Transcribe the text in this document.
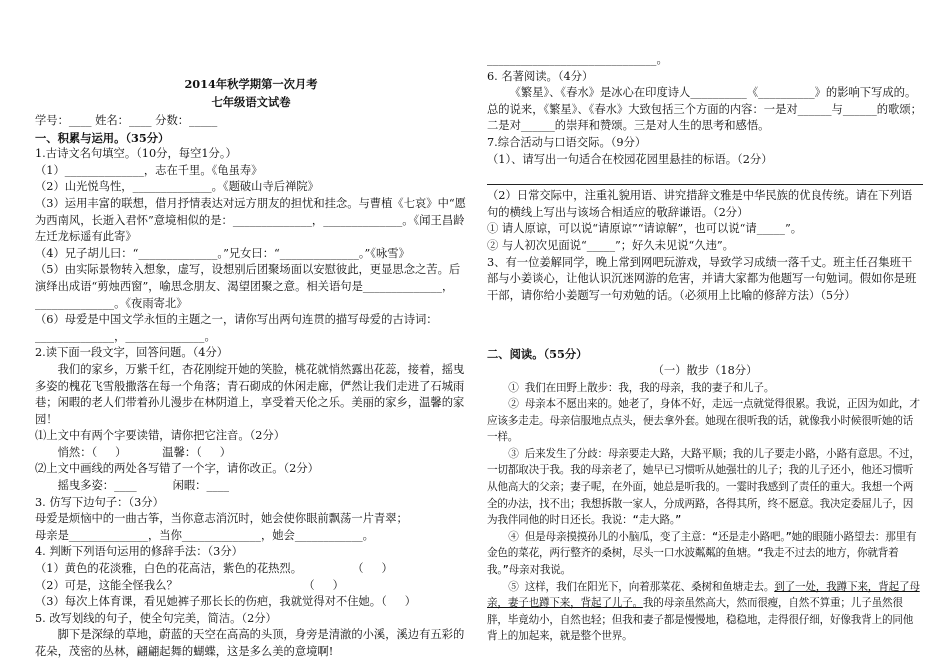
2014年秋学期第一次月考
七年级语文试卷
学号：____ 姓名：____ 分数：_____
一、积累与运用。（35分）
1.古诗文名句填空。（10分，每空1分。）
（1）______________，志在千里。《龟虽寿》
（2）山光悦鸟性，______________。《题破山寺后禅院》
（3）运用丰富的联想，借月抒情表达对远方朋友的担忧和挂念。与曹植《七哀》中“愿为西南风，长逝入君怀”意境相似的是：______________，______________。《闻王昌龄左迁龙标遥有此寄》
（4）兄子胡儿曰：“______________。”兄女曰：“______________。”《咏雪》
（5）由实际景物转入想象，虚写，设想别后团聚场面以安慰彼此，更显思念之苦。后演绎出成语“剪烛西窗”，喻思念朋友、渴望团聚之意。相关语句是______________，______________。《夜雨寄北》
（6）母爱是中国文学永恒的主题之一，请你写出两句连贯的描写母爱的古诗词：
______________，______________。
2.读下面一段文字，回答问题。（4分）
我们的家乡，万紫千红，杏花刚绽开她的笑脸，桃花就悄然露出花蕊，接着，摇曳多姿的槐花飞雪般撒落在每一个角落；青石砌成的休闲走廊，俨然让我们走进了石城雨巷；闲暇的老人们带着孙儿漫步在林阴道上，享受着天伦之乐。美丽的家乡，温馨的家园！
⑴上文中有两个字要读错，请你把它注音。（2分）
悄然：（     ）          温馨：（     ）
⑵上文中画线的两处各写错了一个字，请你改正。（2分）
摇曳多姿：____          闲暇：____
3. 仿写下边句子：（3分）
母爱是烦恼中的一曲古筝，当你意志消沉时，她会使你眼前飘荡一片青翠；
母亲是______________，当你______________，她会____________。
4. 判断下列语句运用的修辞手法：（3分）
（1）黄色的花淡雅，白色的花高洁，紫色的花热烈。              （     ）
（2）可是，这能全怪我么？                                   （     ）
（3）每次上体育课，看见她裤子那长长的伤疤，我就觉得对不住她。（     ）
5. 改写划线的句子，使全句完美，简洁。（2分）
脚下是深绿的草地，蔚蓝的天空在高高的头顶，身旁是清澈的小溪，溪边有五彩的花朵，茂密的丛林，翩翩起舞的蝴蝶，这是多么美的意境啊!
______________________________。
6. 名著阅读。（4分）
《繁星》、《春水》是冰心在印度诗人__________《__________》的影响下写成的。总的说来，《繁星》、《春水》大致包括三个方面的内容：一是对______与______的歌颂；二是对______的崇拜和赞颂。三是对人生的思考和感悟。
7.综合活动与口语交际。（9分）
（1）、请写出一句适合在校园花园里悬挂的标语。（2分）
（2）日常交际中，注重礼貌用语、讲究措辞文雅是中华民族的优良传统。请在下列语句的横线上写出与该场合相适应的敬辞谦语。（2分）
① 请人原谅，可以说“请原谅”“请谅解”，也可以说“请_____”。
② 与人初次见面说“_____”；好久未见说“久违”。
3、有一位姜解同学，晚上常到网吧玩游戏，导致学习成绩一落千丈。班主任召集班干部与小姜谈心，让他认识沉迷网游的危害，并请大家都为他题写一句勉词。假如你是班干部，请你给小姜题写一句劝勉的话。（必须用上比喻的修辞方法）（5分）
二、阅读。（55分）
（一）散步（18分）
① 我们在田野上散步：我，我的母亲，我的妻子和儿子。
② 母亲本不愿出来的。她老了，身体不好，走远一点就觉得很累。我说，正因为如此，才应该多走走。母亲信服地点点头，便去拿外套。她现在很听我的话，就像我小时候很听她的话一样。
③ 后来发生了分歧：母亲要走大路，大路平顺；我的儿子要走小路，小路有意思。不过，一切都取决于我。我的母亲老了，她早已习惯听从她强壮的儿子；我的儿子还小，他还习惯听从他高大的父亲；妻子呢，在外面，她总是听我的。一霎时我感到了责任的重大。我想一个两全的办法，找不出；我想拆散一家人，分成两路，各得其所，终不愿意。我决定委屈儿子，因为我伴同他的时日还长。我说：“走大路。”
④ 但是母亲摸摸孙儿的小脑瓜，变了主意：“还是走小路吧。”她的眼随小路望去：那里有金色的菜花，两行整齐的桑树，尽头一口水波粼粼的鱼塘。“我走不过去的地方，你就背着我。”母亲对我说。
⑤ 这样，我们在阳光下，向着那菜花、桑树和鱼塘走去。到了一处，我蹲下来，背起了母亲，妻子也蹲下来，背起了儿子。我的母亲虽然高大，然而很瘦，自然不算重；儿子虽然很胖，毕竟幼小，自然也轻；但我和妻子都是慢慢地，稳稳地，走得很仔细，好像我背上的同他背上的加起来，就是整个世界。
